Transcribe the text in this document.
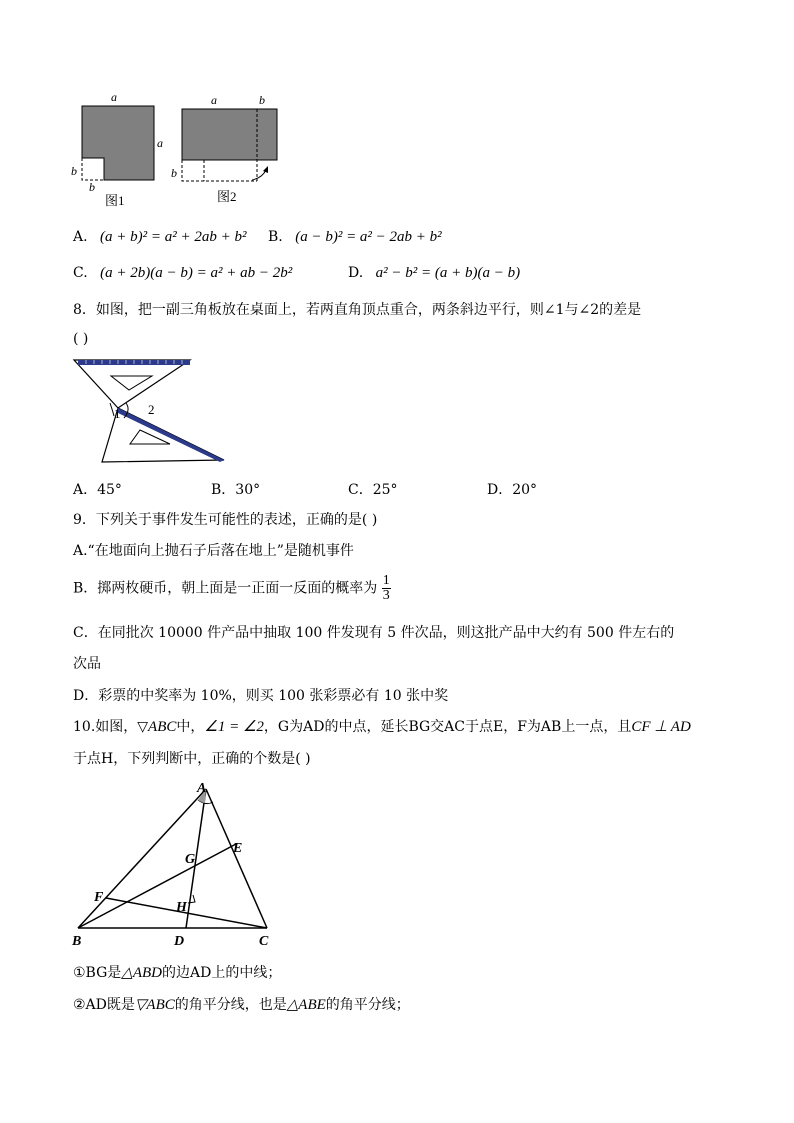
a
a
b
b
图1
a	b
b
图2
A. (a + b)² = a² + 2ab + b² B. (a − b)² = a² − 2ab + b²
C. (a + 2b)(a − b) = a² + ab − 2b²	D. a² − b² = (a + b)(a − b)
8．如图，把一副三角板放在桌面上，若两直角顶点重合，两条斜边平行，则∠1与∠2的差是
( )
1 2
A．45°	B．30°	C．25°	D．20°
9．下列关于事件发生可能性的表述，正确的是( )
A.“在地面向上抛石子后落在地上”是随机事件
B．掷两枚硬币，朝上面是一正面一反面的概率为 $\frac{1}{3}$
C．在同批次 10000 件产品中抽取 100 件发现有 5 件次品，则这批产品中大约有 500 件左右的
次品
D．彩票的中奖率为 10%，则买 100 张彩票必有 10 张中奖
10.如图，▽ABC中，∠1 = ∠2，G为AD的中点，延长BG交AC于点E，F为AB上一点，且CF ⊥ AD
于点H，下列判断中，正确的个数是( )
A
B	C
D
E
F
G
H
①BG是△ABD的边AD上的中线；
②AD既是▽ABC的角平分线，也是△ABE的角平分线；
